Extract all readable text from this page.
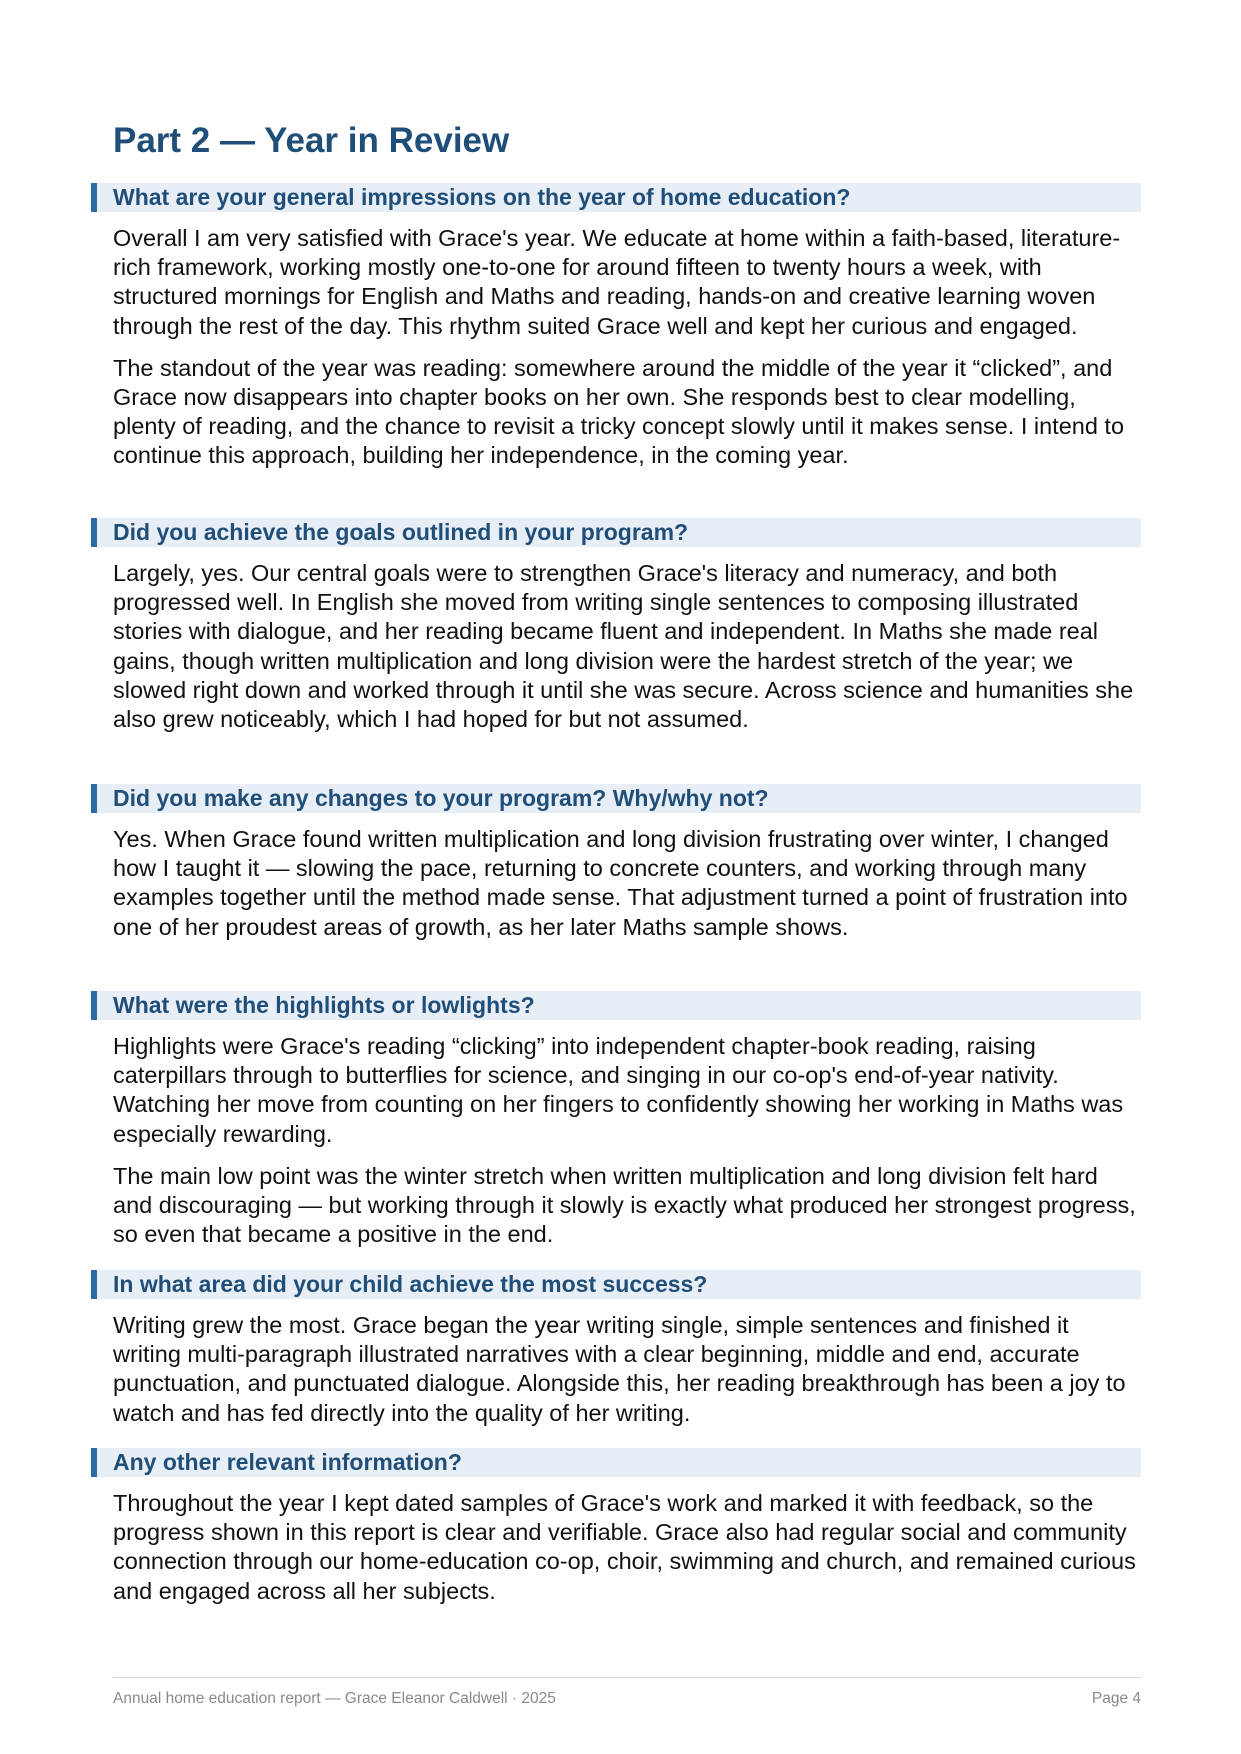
Part 2 — Year in Review
What are your general impressions on the year of home education?

Overall I am very satisfied with Grace's year. We educate at home within a faith-based, literature-rich framework, working mostly one-to-one for around fifteen to twenty hours a week, with structured mornings for English and Maths and reading, hands-on and creative learning woven through the rest of the day. This rhythm suited Grace well and kept her curious and engaged.

The standout of the year was reading: somewhere around the middle of the year it “clicked”, and Grace now disappears into chapter books on her own. She responds best to clear modelling, plenty of reading, and the chance to revisit a tricky concept slowly until it makes sense. I intend to continue this approach, building her independence, in the coming year.

Did you achieve the goals outlined in your program?

Largely, yes. Our central goals were to strengthen Grace's literacy and numeracy, and both progressed well. In English she moved from writing single sentences to composing illustrated stories with dialogue, and her reading became fluent and independent. In Maths she made real gains, though written multiplication and long division were the hardest stretch of the year; we slowed right down and worked through it until she was secure. Across science and humanities she also grew noticeably, which I had hoped for but not assumed.

Did you make any changes to your program? Why/why not?

Yes. When Grace found written multiplication and long division frustrating over winter, I changed how I taught it — slowing the pace, returning to concrete counters, and working through many examples together until the method made sense. That adjustment turned a point of frustration into one of her proudest areas of growth, as her later Maths sample shows.

What were the highlights or lowlights?

Highlights were Grace's reading “clicking” into independent chapter-book reading, raising caterpillars through to butterflies for science, and singing in our co-op's end-of-year nativity. Watching her move from counting on her fingers to confidently showing her working in Maths was especially rewarding.

The main low point was the winter stretch when written multiplication and long division felt hard and discouraging — but working through it slowly is exactly what produced her strongest progress, so even that became a positive in the end.

In what area did your child achieve the most success?

Writing grew the most. Grace began the year writing single, simple sentences and finished it writing multi-paragraph illustrated narratives with a clear beginning, middle and end, accurate punctuation, and punctuated dialogue. Alongside this, her reading breakthrough has been a joy to watch and has fed directly into the quality of her writing.

Any other relevant information?

Throughout the year I kept dated samples of Grace's work and marked it with feedback, so the progress shown in this report is clear and verifiable. Grace also had regular social and community connection through our home-education co-op, choir, swimming and church, and remained curious and engaged across all her subjects.

Annual home education report — Grace Eleanor Caldwell · 2025	Page 4
